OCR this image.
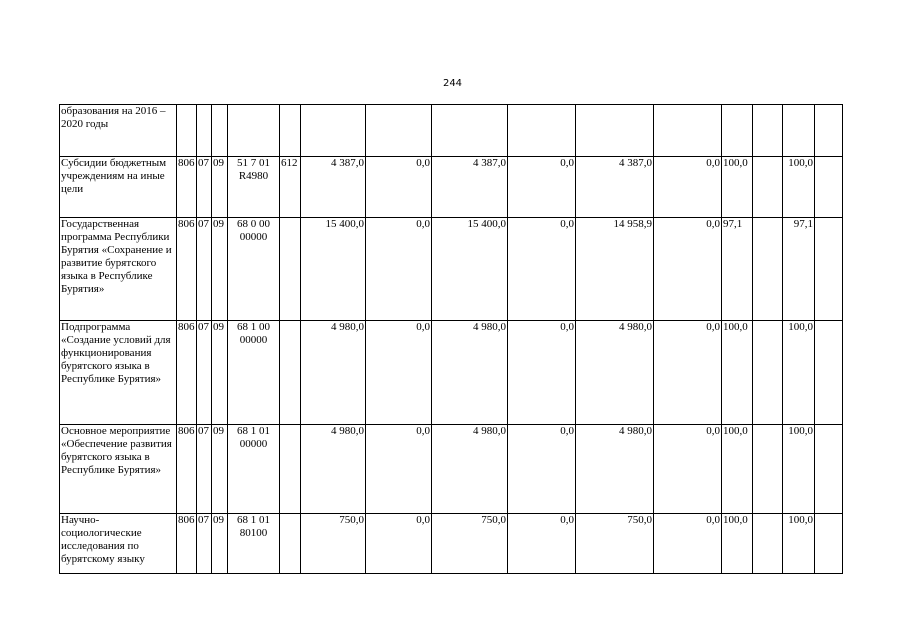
244
образования на 2016 – 2020 годы															
Субсидии бюджетным учреждениям на иные цели	806	07	09	51 7 01 R4980	612	4 387,0	0,0	4 387,0	0,0	4 387,0	0,0	100,0		100,0	
Государственная программа Республики Бурятия «Сохранение и развитие бурятского языка в Республике Бурятия»	806	07	09	68 0 00 00000		15 400,0	0,0	15 400,0	0,0	14 958,9	0,0	97,1		97,1	
Подпрограмма «Создание условий для функционирования бурятского языка в Республике Бурятия»	806	07	09	68 1 00 00000		4 980,0	0,0	4 980,0	0,0	4 980,0	0,0	100,0		100,0	
Основное мероприятие «Обеспечение развития бурятского языка в Республике Бурятия»	806	07	09	68 1 01 00000		4 980,0	0,0	4 980,0	0,0	4 980,0	0,0	100,0		100,0	
Научно-социологические исследования по бурятскому языку	806	07	09	68 1 01 80100		750,0	0,0	750,0	0,0	750,0	0,0	100,0		100,0	
